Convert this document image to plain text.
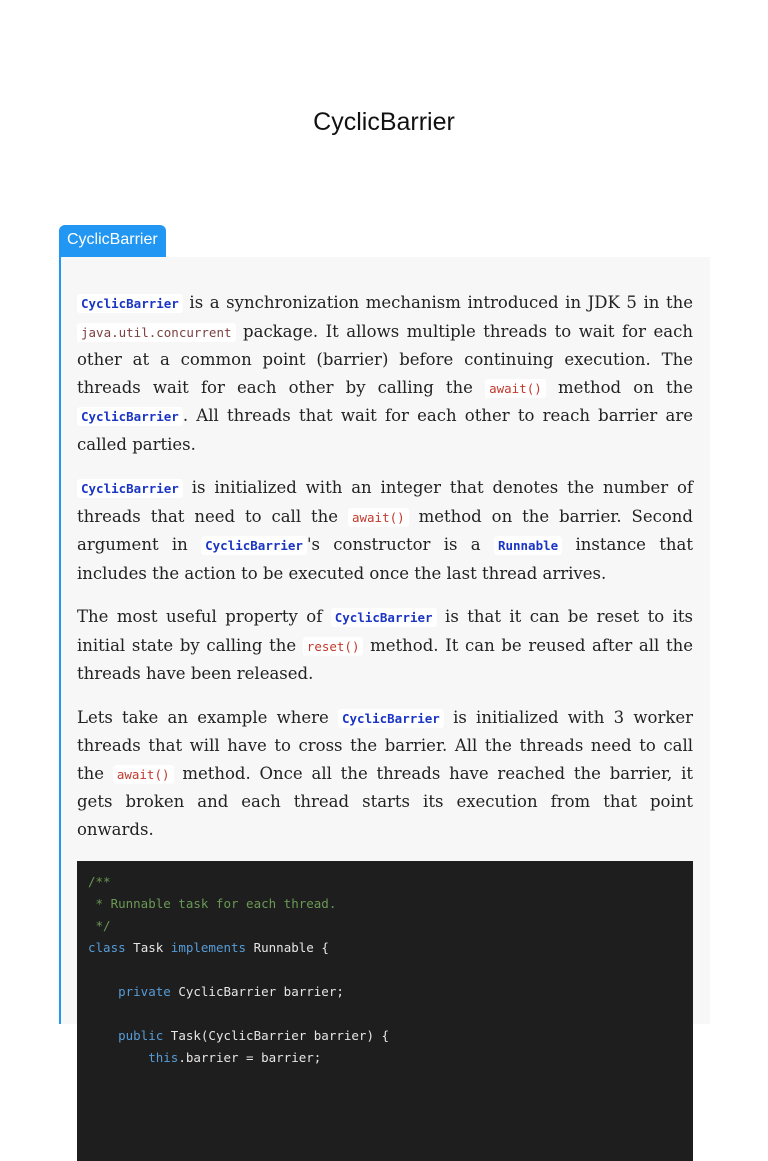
CyclicBarrier
CyclicBarrier

CyclicBarrier is a synchronization mechanism introduced in JDK 5 in the java.util.concurrent package. It allows multiple threads to wait for each other at a common point (barrier) before continuing execution. The threads wait for each other by calling the await() method on the CyclicBarrier . All threads that wait for each other to reach barrier are called parties.

CyclicBarrier is initialized with an integer that denotes the number of threads that need to call the await() method on the barrier. Second argument in CyclicBarrier 's constructor is a Runnable instance that includes the action to be executed once the last thread arrives.

The most useful property of CyclicBarrier is that it can be reset to its initial state by calling the reset() method. It can be reused after all the threads have been released.

Lets take an example where CyclicBarrier is initialized with 3 worker threads that will have to cross the barrier. All the threads need to call the await() method. Once all the threads have reached the barrier, it gets broken and each thread starts its execution from that point onwards.

/**
* Runnable task for each thread.
*/
class Task implements Runnable {

private CyclicBarrier barrier;

public Task(CyclicBarrier barrier) {
this.barrier = barrier;
